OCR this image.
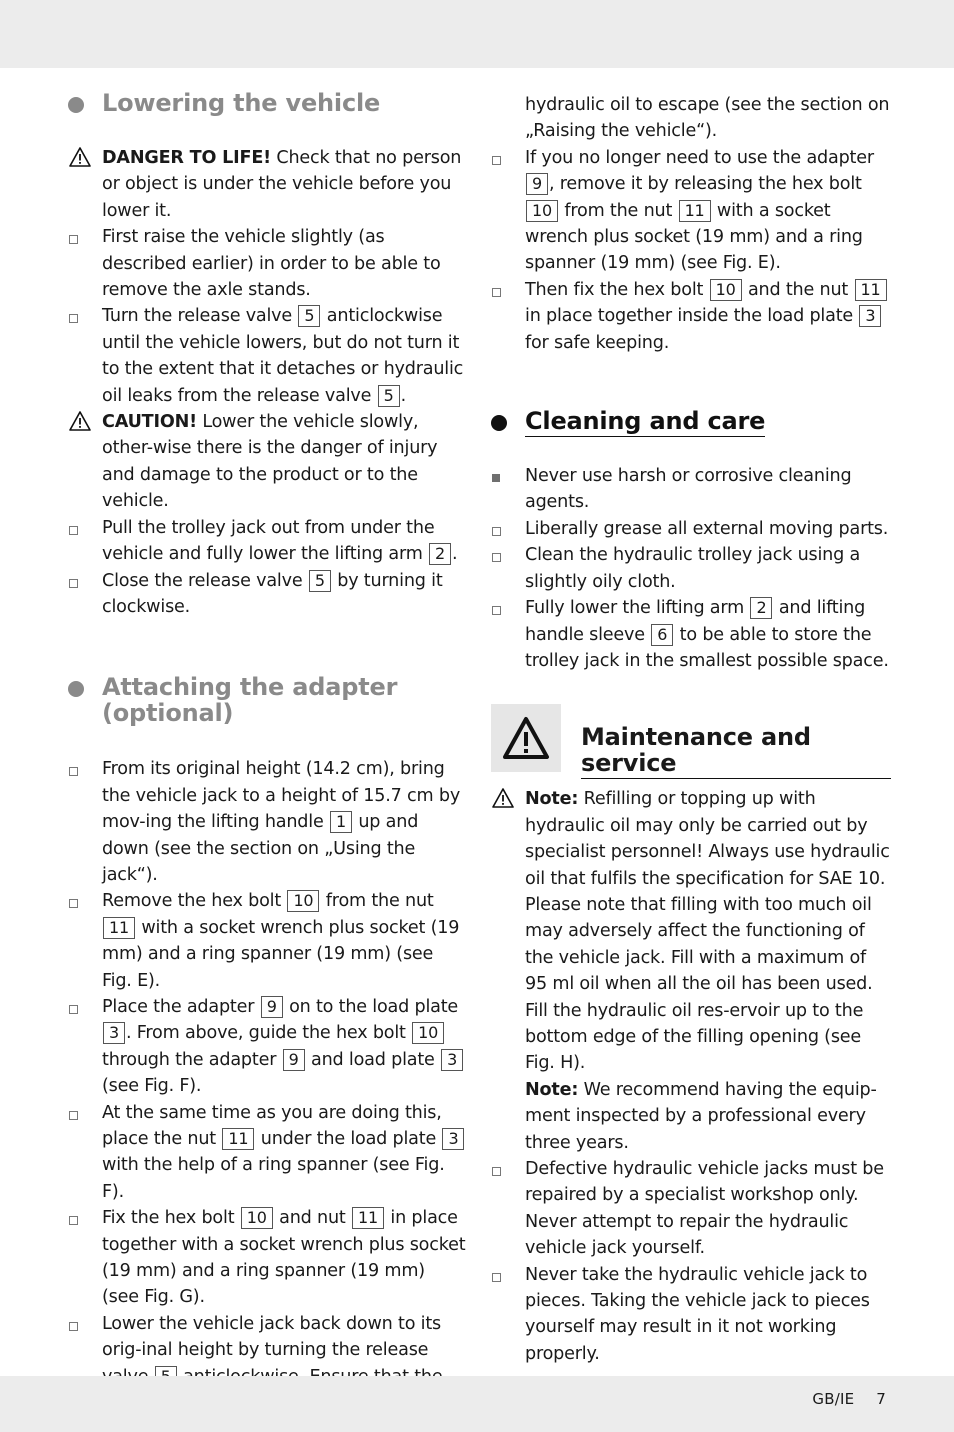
Lowering the vehicle
DANGER TO LIFE! Check that no person or object is under the vehicle before you lower it.
First raise the vehicle slightly (as described earlier) in order to be able to remove the axle stands.
Turn the release valve 5 anticlockwise until the vehicle lowers, but do not turn it to the extent that it detaches or hydraulic oil leaks from the release valve 5 .
CAUTION! Lower the vehicle slowly, other-wise there is the danger of injury and damage to the product or to the vehicle.
Pull the trolley jack out from under the vehicle and fully lower the lifting arm 2 .
Close the release valve 5 by turning it clockwise.
Attaching the adapter
(optional)
From its original height (14.2 cm), bring the vehicle jack to a height of 15.7 cm by mov-ing the lifting handle 1 up and down (see the section on „Using the jack“).
Remove the hex bolt 10 from the nut 11 with a socket wrench plus socket (19 mm) and a ring spanner (19 mm) (see Fig. E).
Place the adapter 9 on to the load plate 3 . From above, guide the hex bolt 10 through the adapter 9 and load plate 3 (see Fig. F).
At the same time as you are doing this, place the nut 11 under the load plate 3 with the help of a ring spanner (see Fig. F).
Fix the hex bolt 10 and nut 11 in place together with a socket wrench plus socket (19 mm) and a ring spanner (19 mm) (see Fig. G).
Lower the vehicle jack back down to its orig-inal height by turning the release
hydraulic oil to escape (see the section on „Raising the vehicle“).
If you no longer need to use the adapter 9 , remove it by releasing the hex bolt 10 from the nut 11 with a socket wrench plus socket (19 mm) and a ring spanner (19 mm) (see Fig. E).
Then fix the hex bolt 10 and the nut 11 in place together inside the load plate 3 for safe keeping.
Cleaning and care
Never use harsh or corrosive cleaning agents.
Liberally grease all external moving parts.
Clean the hydraulic trolley jack using a slightly oily cloth.
Fully lower the lifting arm 2 and lifting handle sleeve 6 to be able to store the trolley jack in the smallest possible space.
Maintenance and service
Note: Refilling or topping up with hydraulic oil may only be carried out by specialist personnel! Always use hydraulic oil that fulfils the specification for SAE 10. Please note that filling with too much oil may adversely affect the functioning of the vehicle jack. Fill with a maximum of 95 ml oil when all the oil has been used. Fill the hydraulic oil res-ervoir up to the bottom edge of the filling opening (see Fig. H).
Note: We recommend having the equip-ment inspected by a professional every three years.
Defective hydraulic vehicle jacks must be repaired by a specialist workshop only. Never attempt to repair the hydraulic vehicle jack yourself.
Never take the hydraulic vehicle jack to pieces. Taking the vehicle jack to pieces yourself may result in it not working properly.
GB/IE 7
